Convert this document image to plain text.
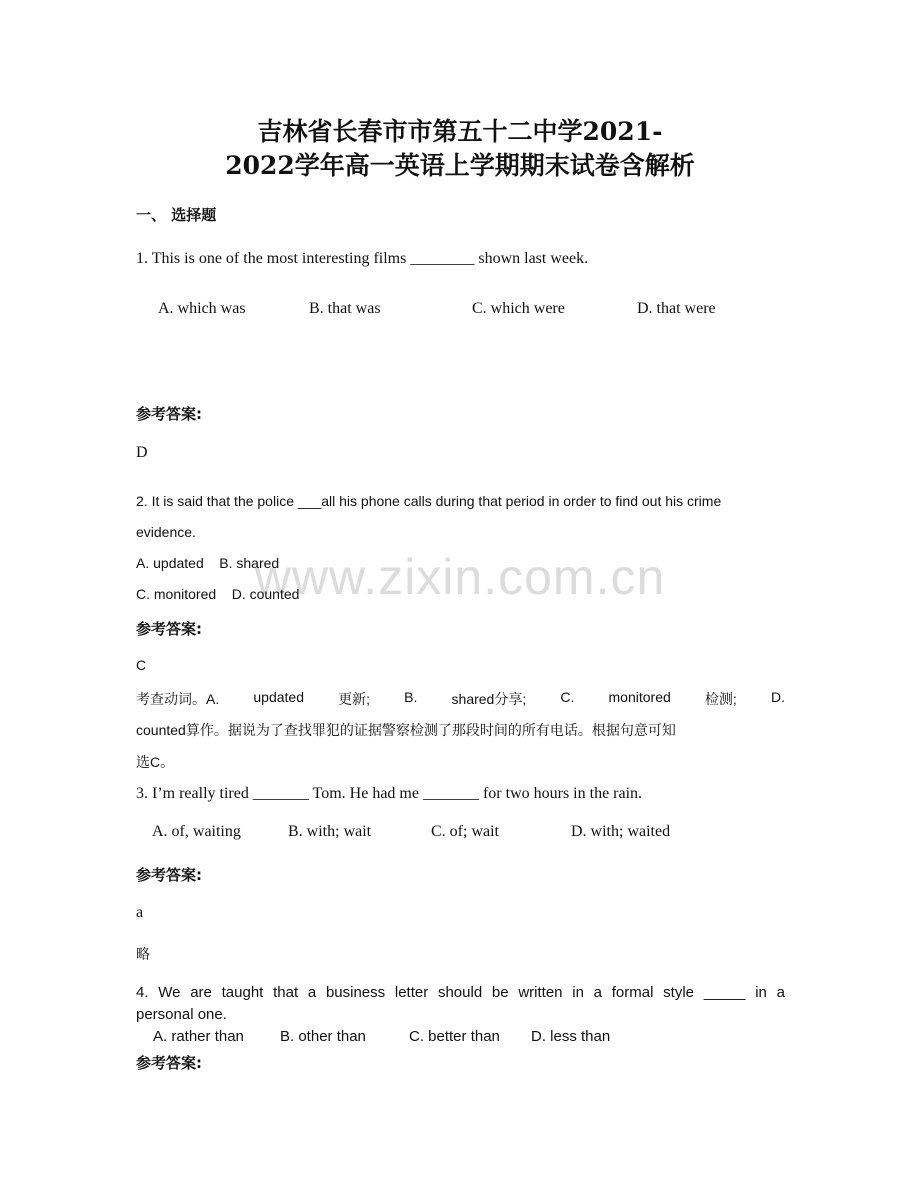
www.zixin.com.cn
吉林省长春市市第五十二中学2021-
2022学年高一英语上学期期末试卷含解析
一、 选择题
1. This is one of the most interesting films ________ shown last week.
A. which was	B. that was	C. which were	D. that were
参考答案:
D
2. It is said that the police ___all his phone calls during that period in order to find out his crime
evidence.
A. updated    B. shared
C. monitored    D. counted
参考答案:
C
考查动词。A. updated 更新; B. shared分享; C. monitored 检测; D.
counted算作。据说为了查找罪犯的证据警察检测了那段时间的所有电话。根据句意可知
选C。
3. I’m really tired _______ Tom. He had me _______ for two hours in the rain.
A. of, waiting	B. with; wait	C. of; wait	D. with; waited
参考答案:
a
略
4. We are taught that a business letter should be written in a formal style _____ in a
personal one.
A. rather than B. other than	C. better than D. less than
参考答案:
